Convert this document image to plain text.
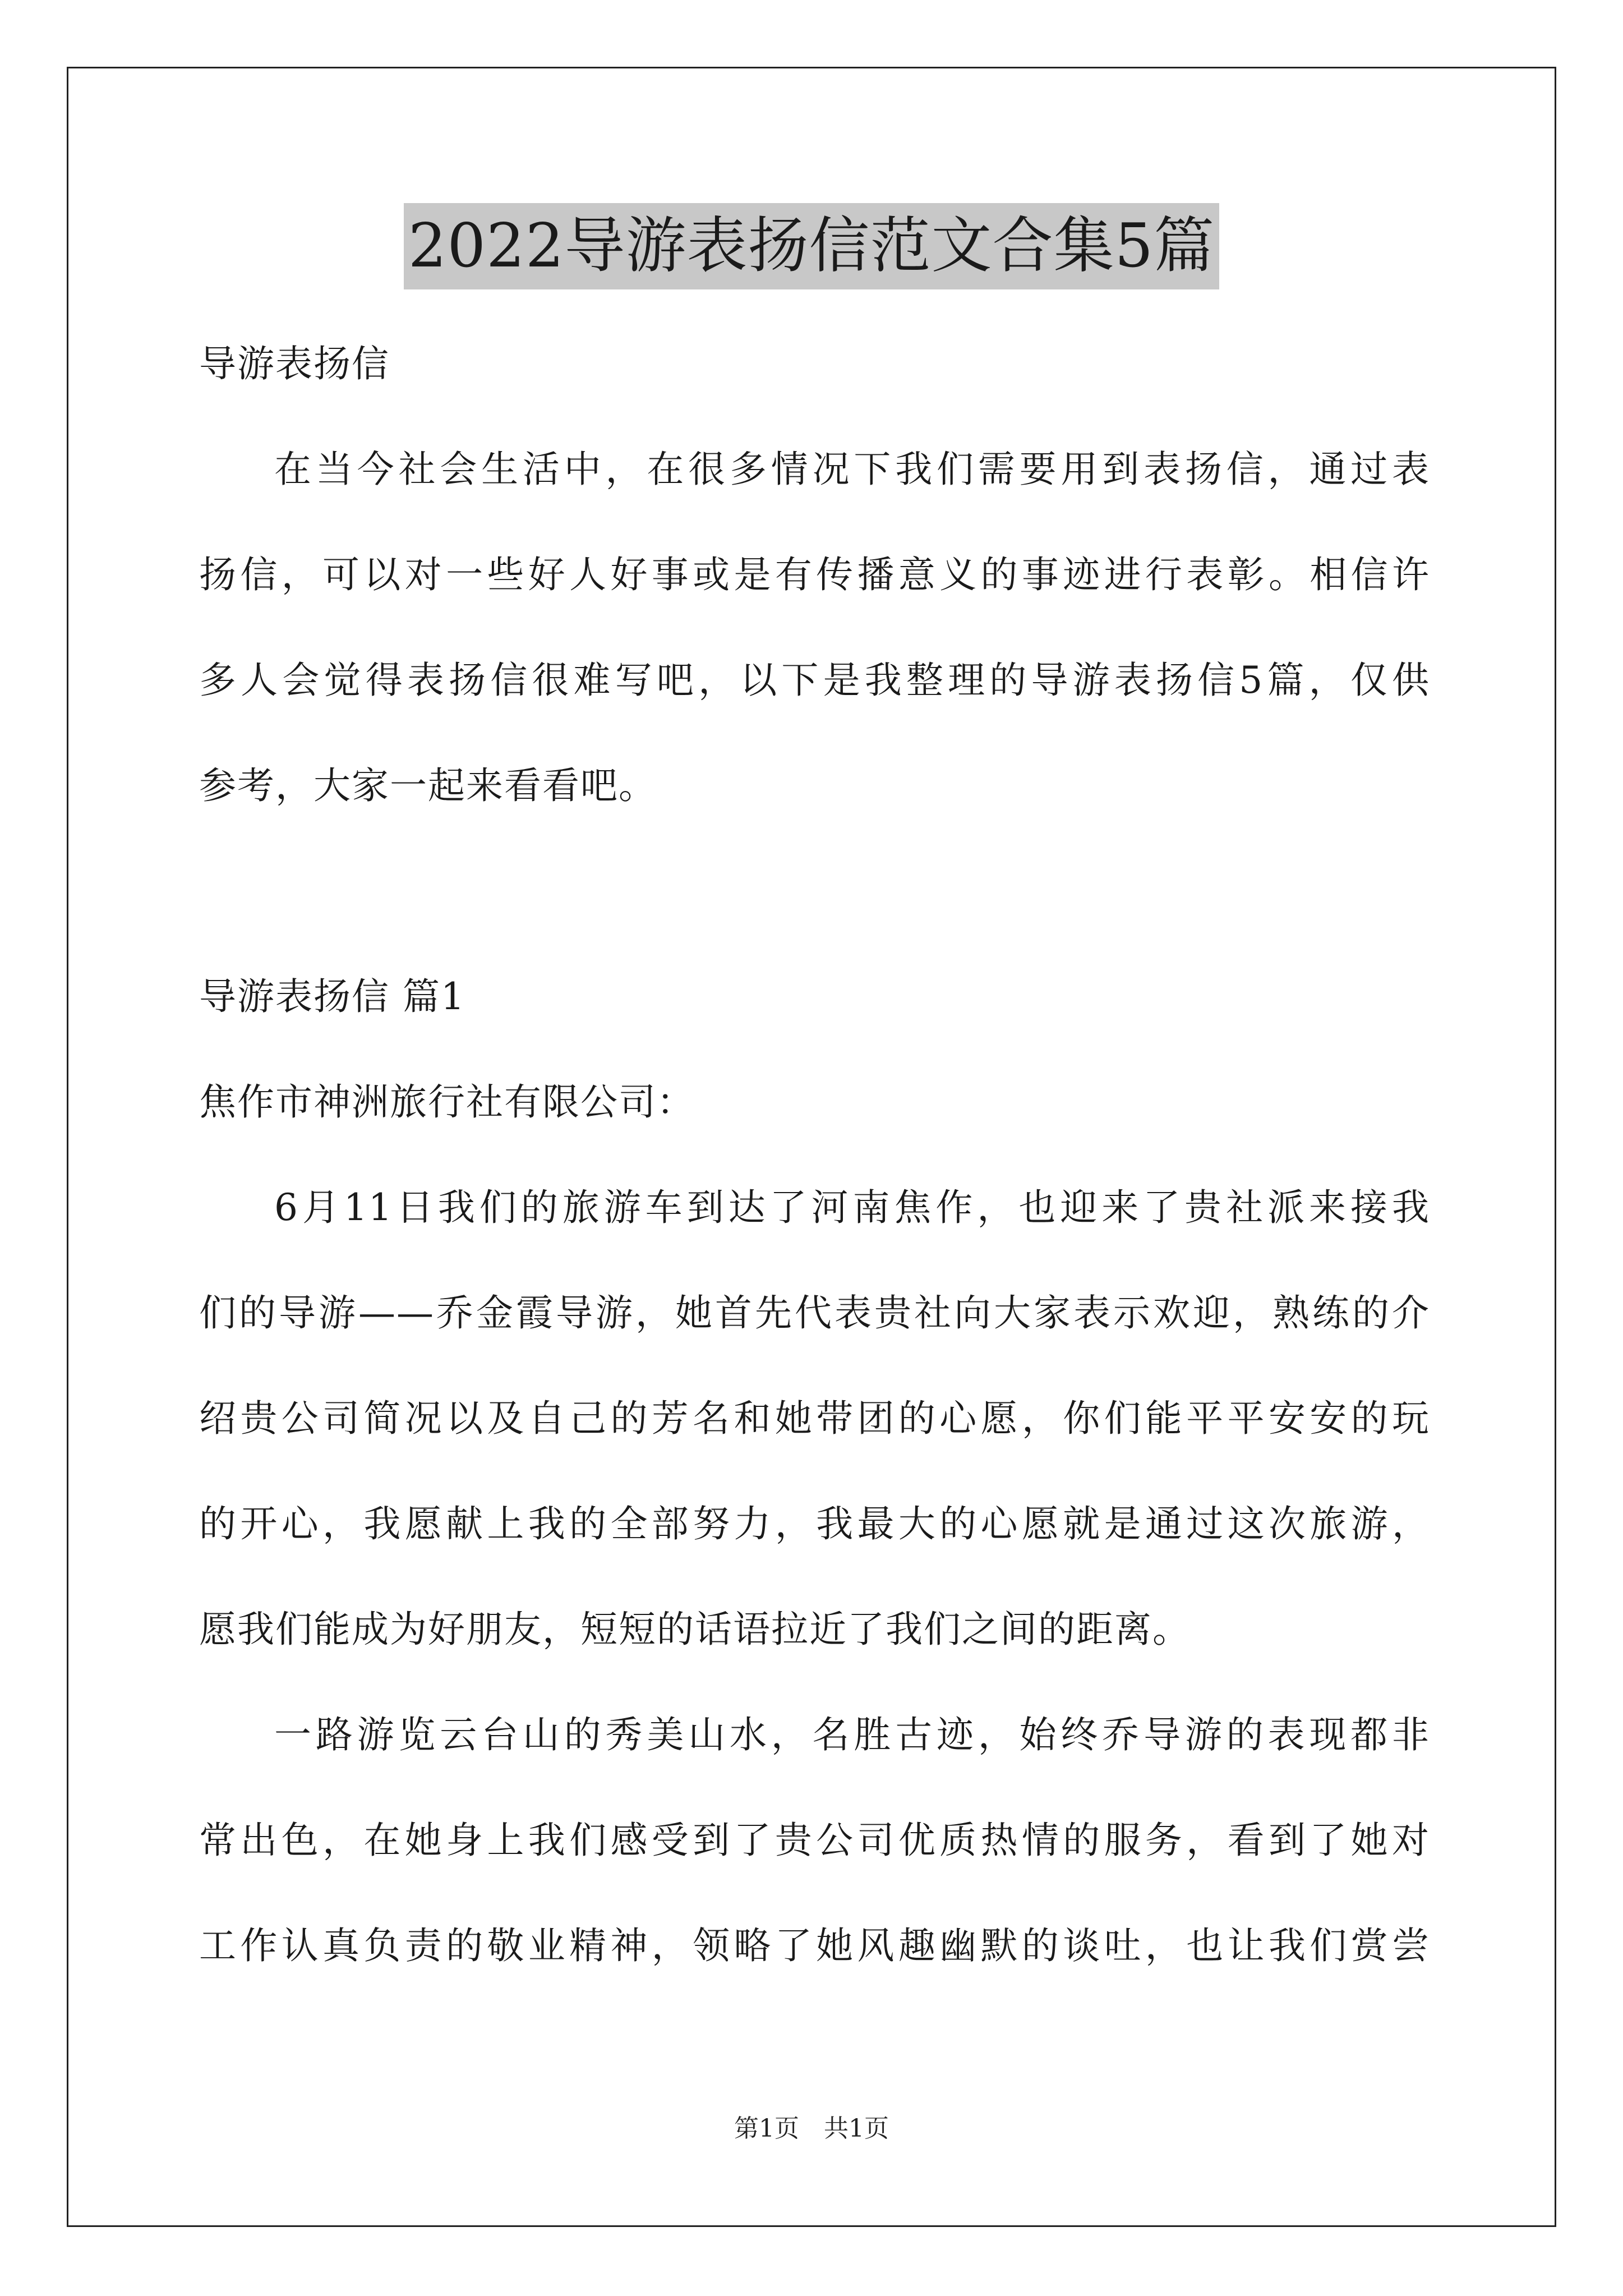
2022导游表扬信范文合集5篇
导游表扬信
在当今社会生活中，在很多情况下我们需要用到表扬信，通过表
扬信，可以对一些好人好事或是有传播意义的事迹进行表彰。相信许
多人会觉得表扬信很难写吧，以下是我整理的导游表扬信5篇，仅供
参考，大家一起来看看吧。
导游表扬信 篇1
焦作市神洲旅行社有限公司：
6月11日我们的旅游车到达了河南焦作，也迎来了贵社派来接我
们的导游——乔金霞导游，她首先代表贵社向大家表示欢迎，熟练的介
绍贵公司简况以及自己的芳名和她带团的心愿，你们能平平安安的玩
的开心，我愿献上我的全部努力，我最大的心愿就是通过这次旅游，
愿我们能成为好朋友，短短的话语拉近了我们之间的距离。
一路游览云台山的秀美山水，名胜古迹，始终乔导游的表现都非
常出色，在她身上我们感受到了贵公司优质热情的服务，看到了她对
工作认真负责的敬业精神，领略了她风趣幽默的谈吐，也让我们赏尝
第1页　共1页
